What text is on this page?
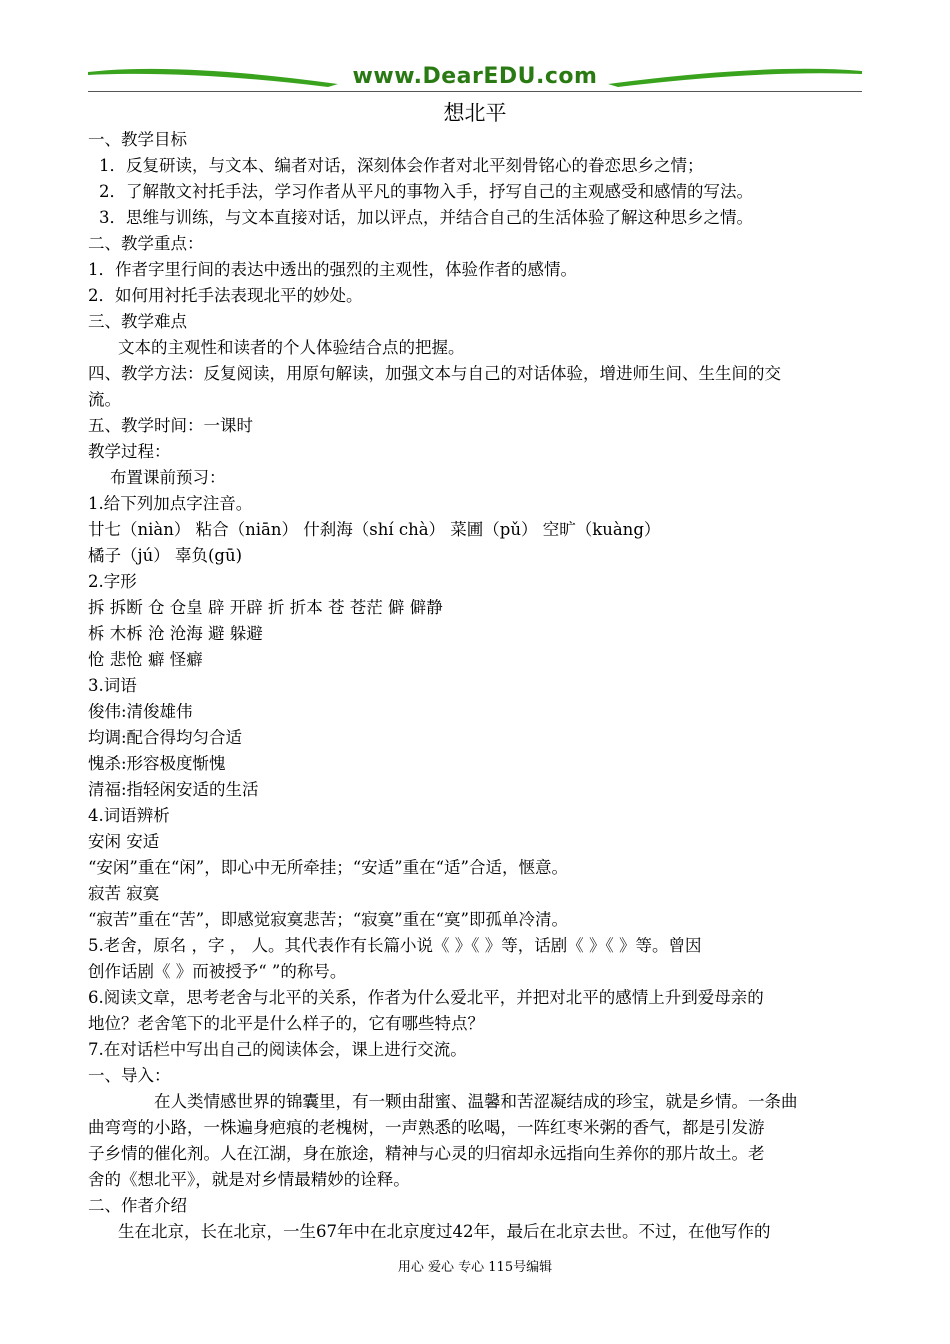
www.DearEDU.com
想北平
一、教学目标
1．反复研读，与文本、编者对话，深刻体会作者对北平刻骨铭心的眷恋思乡之情；
2．了解散文衬托手法，学习作者从平凡的事物入手，抒写自己的主观感受和感情的写法。
3．思维与训练，与文本直接对话，加以评点，并结合自己的生活体验了解这种思乡之情。
二、教学重点：
1．作者字里行间的表达中透出的强烈的主观性，体验作者的感情。
2．如何用衬托手法表现北平的妙处。
三、教学难点
文本的主观性和读者的个人体验结合点的把握。
四、教学方法：反复阅读，用原句解读，加强文本与自己的对话体验，增进师生间、生生间的交
流。
五、教学时间：一课时
教学过程：
布置课前预习：
1.给下列加点字注音。
廿七（niàn） 粘合（niān） 什刹海（shí chà） 菜圃（pǔ） 空旷（kuàng）
橘子（jú） 辜负(gū)
2.字形
拆 拆断 仓 仓皇 辟 开辟 折 折本 苍 苍茫 僻 僻静
柝 木柝 沧 沧海 避 躲避
怆 悲怆 癖 怪癖
3.词语
俊伟:清俊雄伟
均调:配合得均匀合适
愧杀:形容极度惭愧
清福:指轻闲安适的生活
4.词语辨析
安闲 安适
“安闲”重在“闲”，即心中无所牵挂；“安适”重在“适”合适，惬意。
寂苦 寂寞
“寂苦”重在“苦”，即感觉寂寞悲苦；“寂寞”重在“寞”即孤单冷清。
5.老舍，原名 ，字 ， 人。其代表作有长篇小说《 》《 》等，话剧《 》《 》等。曾因
创作话剧《 》而被授予“ ”的称号。
6.阅读文章，思考老舍与北平的关系，作者为什么爱北平，并把对北平的感情上升到爱母亲的
地位？老舍笔下的北平是什么样子的，它有哪些特点？
7.在对话栏中写出自己的阅读体会，课上进行交流。
一、导入：
在人类情感世界的锦囊里，有一颗由甜蜜、温馨和苦涩凝结成的珍宝，就是乡情。一条曲
曲弯弯的小路，一株遍身疤痕的老槐树，一声熟悉的吆喝，一阵红枣米粥的香气，都是引发游
子乡情的催化剂。人在江湖，身在旅途，精神与心灵的归宿却永远指向生养你的那片故土。老
舍的《想北平》，就是对乡情最精妙的诠释。
二、作者介绍
生在北京，长在北京，一生67年中在北京度过42年，最后在北京去世。不过，在他写作的
用心 爱心 专心 115号编辑
